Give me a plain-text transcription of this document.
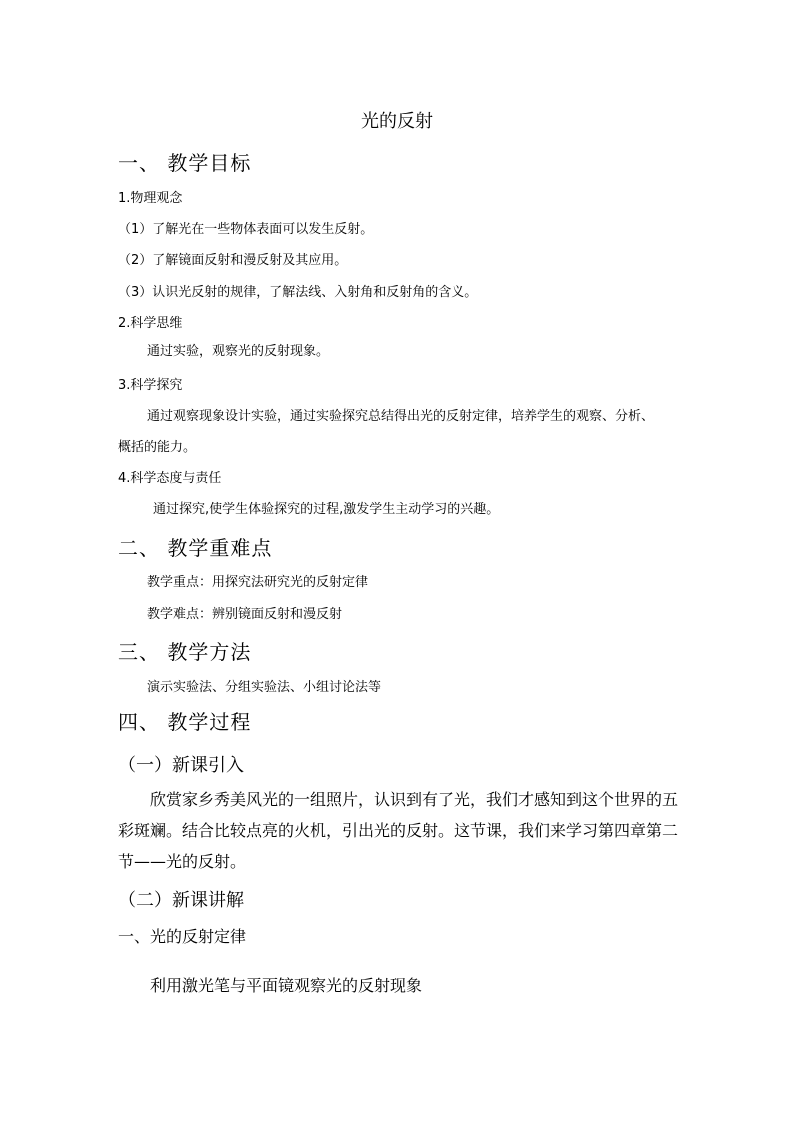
光的反射

一、 教学目标

1.物理观念

（1）了解光在一些物体表面可以发生反射。

（2）了解镜面反射和漫反射及其应用。

（3）认识光反射的规律，了解法线、入射角和反射角的含义。

2.科学思维

通过实验，观察光的反射现象。

3.科学探究

通过观察现象设计实验，通过实验探究总结得出光的反射定律，培养学生的观察、分析、

概括的能力。

4.科学态度与责任

通过探究,使学生体验探究的过程,激发学生主动学习的兴趣。

二、 教学重难点

教学重点：用探究法研究光的反射定律

教学难点：辨别镜面反射和漫反射

三、 教学方法

演示实验法、分组实验法、小组讨论法等

四、 教学过程

（一）新课引入

欣赏家乡秀美风光的一组照片，认识到有了光，我们才感知到这个世界的五

彩斑斓。结合比较点亮的火机，引出光的反射。这节课，我们来学习第四章第二

节——光的反射。

（二）新课讲解

一、光的反射定律

利用激光笔与平面镜观察光的反射现象
